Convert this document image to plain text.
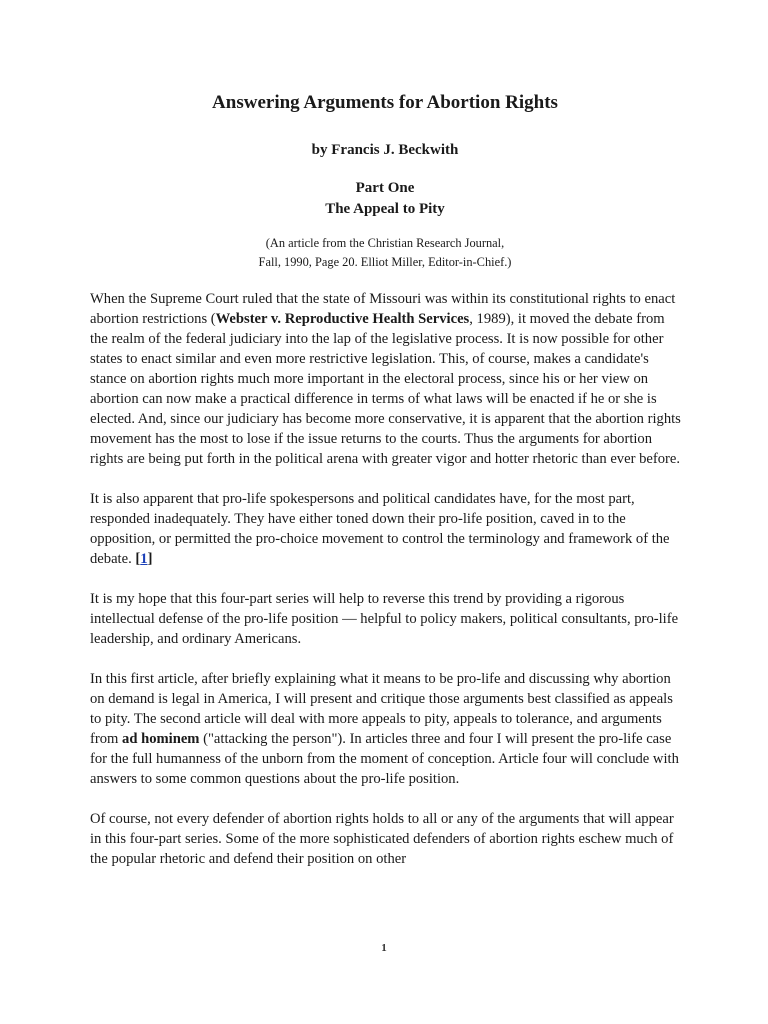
Answering Arguments for Abortion Rights
by Francis J. Beckwith
Part One
The Appeal to Pity
(An article from the Christian Research Journal,
Fall, 1990, Page 20. Elliot Miller, Editor-in-Chief.)

When the Supreme Court ruled that the state of Missouri was within its constitutional rights to enact abortion restrictions (Webster v. Reproductive Health Services, 1989), it moved the debate from the realm of the federal judiciary into the lap of the legislative process. It is now possible for other states to enact similar and even more restrictive legislation. This, of course, makes a candidate's stance on abortion rights much more important in the electoral process, since his or her view on abortion can now make a practical difference in terms of what laws will be enacted if he or she is elected. And, since our judiciary has become more conservative, it is apparent that the abortion rights movement has the most to lose if the issue returns to the courts. Thus the arguments for abortion rights are being put forth in the political arena with greater vigor and hotter rhetoric than ever before.

It is also apparent that pro-life spokespersons and political candidates have, for the most part, responded inadequately. They have either toned down their pro-life position, caved in to the opposition, or permitted the pro-choice movement to control the terminology and framework of the debate. [1]

It is my hope that this four-part series will help to reverse this trend by providing a rigorous intellectual defense of the pro-life position — helpful to policy makers, political consultants, pro-life leadership, and ordinary Americans.

In this first article, after briefly explaining what it means to be pro-life and discussing why abortion on demand is legal in America, I will present and critique those arguments best classified as appeals to pity. The second article will deal with more appeals to pity, appeals to tolerance, and arguments from ad hominem ("attacking the person"). In articles three and four I will present the pro-life case for the full humanness of the unborn from the moment of conception. Article four will conclude with answers to some common questions about the pro-life position.

Of course, not every defender of abortion rights holds to all or any of the arguments that will appear in this four-part series. Some of the more sophisticated defenders of abortion rights eschew much of the popular rhetoric and defend their position on other

1
